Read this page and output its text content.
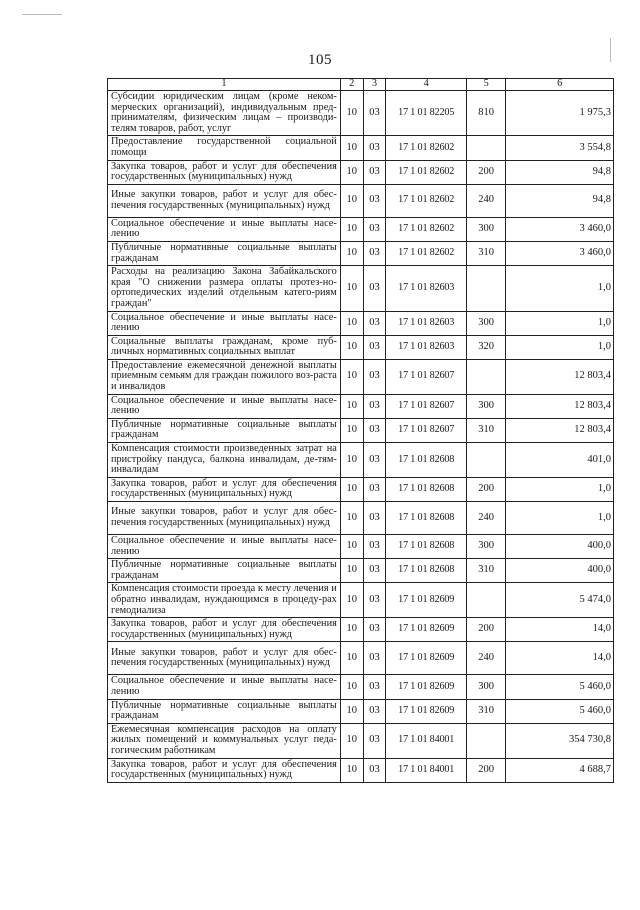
105
1	2	3	4	5	6
Субсидии юридическим лицам (кроме неком-мерческих организаций), индивидуальным пред-принимателям, физическим лицам – производи-телям товаров, работ, услуг	10	03	17 1 01 82205	810	1 975,3
Предоставление государственной социальной помощи	10	03	17 1 01 82602		3 554,8
Закупка товаров, работ и услуг для обеспечения государственных (муниципальных) нужд	10	03	17 1 01 82602	200	94,8
Иные закупки товаров, работ и услуг для обес-печения государственных (муниципальных) нужд	10	03	17 1 01 82602	240	94,8
Социальное обеспечение и иные выплаты насе-лению	10	03	17 1 01 82602	300	3 460,0
Публичные нормативные социальные выплаты гражданам	10	03	17 1 01 82602	310	3 460,0
Расходы на реализацию Закона Забайкальского края "О снижении размера оплаты протез-но-ортопедических изделий отдельным катего-риям граждан"	10	03	17 1 01 82603		1,0
Социальное обеспечение и иные выплаты насе-лению	10	03	17 1 01 82603	300	1,0
Социальные выплаты гражданам, кроме пуб-личных нормативных социальных выплат	10	03	17 1 01 82603	320	1,0
Предоставление ежемесячной денежной выплаты приемным семьям для граждан пожилого воз-раста и инвалидов	10	03	17 1 01 82607		12 803,4
Социальное обеспечение и иные выплаты насе-лению	10	03	17 1 01 82607	300	12 803,4
Публичные нормативные социальные выплаты гражданам	10	03	17 1 01 82607	310	12 803,4
Компенсация стоимости произведенных затрат на пристройку пандуса, балкона инвалидам, де-тям-инвалидам	10	03	17 1 01 82608		401,0
Закупка товаров, работ и услуг для обеспечения государственных (муниципальных) нужд	10	03	17 1 01 82608	200	1,0
Иные закупки товаров, работ и услуг для обес-печения государственных (муниципальных) нужд	10	03	17 1 01 82608	240	1,0
Социальное обеспечение и иные выплаты насе-лению	10	03	17 1 01 82608	300	400,0
Публичные нормативные социальные выплаты гражданам	10	03	17 1 01 82608	310	400,0
Компенсация стоимости проезда к месту лечения и обратно инвалидам, нуждающимся в процеду-рах гемодиализа	10	03	17 1 01 82609		5 474,0
Закупка товаров, работ и услуг для обеспечения государственных (муниципальных) нужд	10	03	17 1 01 82609	200	14,0
Иные закупки товаров, работ и услуг для обес-печения государственных (муниципальных) нужд	10	03	17 1 01 82609	240	14,0
Социальное обеспечение и иные выплаты насе-лению	10	03	17 1 01 82609	300	5 460,0
Публичные нормативные социальные выплаты гражданам	10	03	17 1 01 82609	310	5 460,0
Ежемесячная компенсация расходов на оплату жилых помещений и коммунальных услуг педа-гогическим работникам	10	03	17 1 01 84001		354 730,8
Закупка товаров, работ и услуг для обеспечения государственных (муниципальных) нужд	10	03	17 1 01 84001	200	4 688,7
